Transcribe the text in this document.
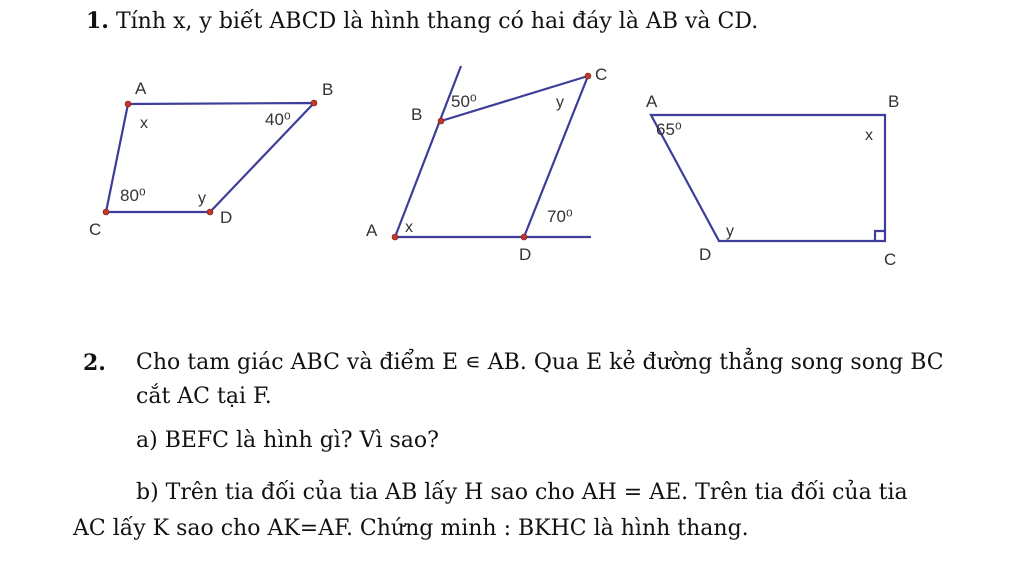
1. Tính x, y biết ABCD là hình thang có hai đáy là AB và CD.
A	B
C
D
x
y
40⁰
80⁰
A
B
C
D
x
y
50⁰
70⁰
A	B
C
D
x
y
65⁰
2. Cho tam giác ABC và điểm E ∊ AB. Qua E kẻ đường thẳng song song BC
cắt AC tại F.
a) BEFC là hình gì? Vì sao?
b) Trên tia đối của tia AB lấy H sao cho AH = AE. Trên tia đối của tia
AC lấy K sao cho AK=AF. Chứng minh : BKHC là hình thang.
